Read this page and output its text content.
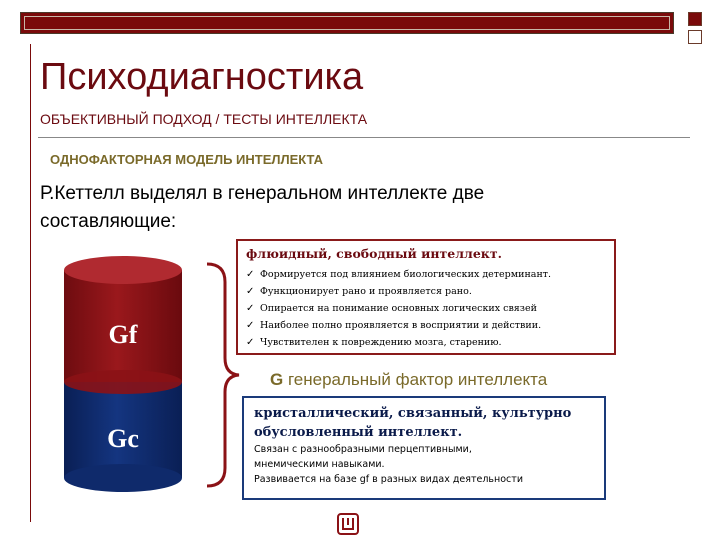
Психодиагностика
ОБЪЕКТИВНЫЙ ПОДХОД / ТЕСТЫ ИНТЕЛЛЕКТА
ОДНОФАКТОРНАЯ МОДЕЛЬ ИНТЕЛЛЕКТА
Р.Кеттелл выделял в генеральном интеллекте две составляющие:
Gf
Gc
флюидный, свободный интеллект.
✓ Формируется под влиянием биологических детерминант.
✓ Функционирует рано и проявляется рано.
✓ Опирается на понимание основных логических связей
✓ Наиболее полно проявляется в восприятии и действии.
✓ Чувствителен к повреждению мозга, старению.
G генеральный фактор интеллекта
кристаллический, связанный, культурно обусловленный интеллект.
Связан с разнообразными перцептивными,
мнемическими навыками.
Развивается на базе gf в разных видах деятельности
